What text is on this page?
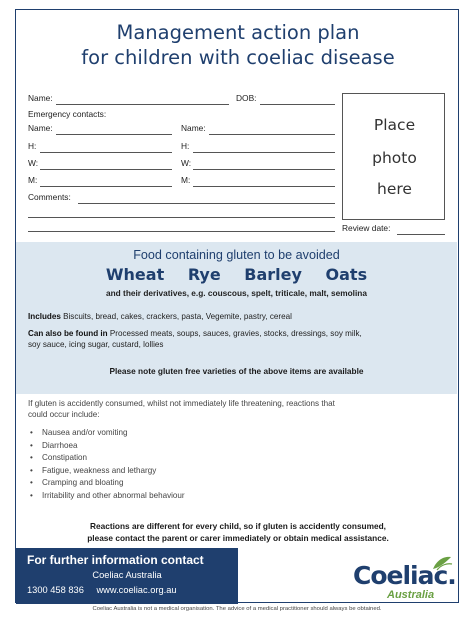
Management action plan
for children with coeliac disease
Name:	DOB:
Emergency contacts:
Name:
H:
W:
M:
Name:
H:
W:
M:
Comments:
Place
photo
here
Review date:
Food containing gluten to be avoided
Wheat Rye Barley Oats
and their derivatives, e.g. couscous, spelt, triticale, malt, semolina
Includes Biscuits, bread, cakes, crackers, pasta, Vegemite, pastry, cereal
Can also be found in Processed meats, soups, sauces, gravies, stocks, dressings, soy milk,
soy sauce, icing sugar, custard, lollies
Please note gluten free varieties of the above items are available
If gluten is accidently consumed, whilst not immediately life threatening, reactions that
could occur include:
• Nausea and/or vomiting
• Diarrhoea
• Constipation
• Fatigue, weakness and lethargy
• Cramping and bloating
• Irritability and other abnormal behaviour
Reactions are different for every child, so if gluten is accidently consumed,
please contact the parent or carer immediately or obtain medical assistance.
For further information contact
Coeliac Australia
1300 458 836 www.coeliac.org.au	Coeliac.
Australia
Coeliac Australia is not a medical organisation. The advice of a medical practitioner should always be obtained.
